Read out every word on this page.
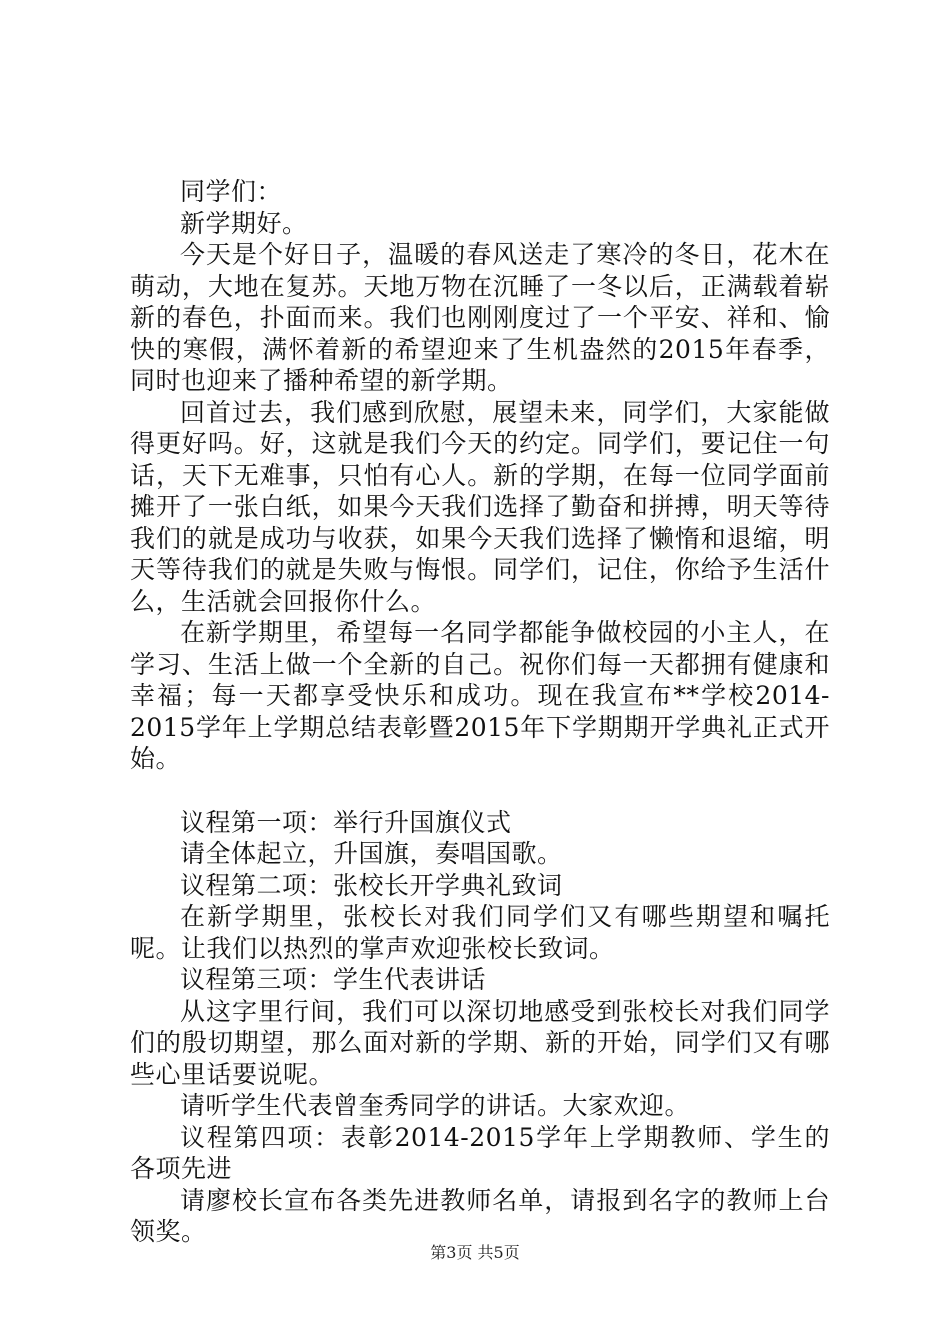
同学们：

新学期好。

今天是个好日子，温暖的春风送走了寒冷的冬日，花木在萌动，大地在复苏。天地万物在沉睡了一冬以后，正满载着崭新的春色，扑面而来。我们也刚刚度过了一个平安、祥和、愉快的寒假，满怀着新的希望迎来了生机盎然的2015年春季，同时也迎来了播种希望的新学期。

回首过去，我们感到欣慰，展望未来，同学们，大家能做得更好吗。好，这就是我们今天的约定。同学们，要记住一句话，天下无难事，只怕有心人。新的学期，在每一位同学面前摊开了一张白纸，如果今天我们选择了勤奋和拼搏，明天等待我们的就是成功与收获，如果今天我们选择了懒惰和退缩，明天等待我们的就是失败与悔恨。同学们，记住，你给予生活什么，生活就会回报你什么。

在新学期里，希望每一名同学都能争做校园的小主人，在学习、生活上做一个全新的自己。祝你们每一天都拥有健康和幸福；每一天都享受快乐和成功。现在我宣布**学校2014-2015学年上学期总结表彰暨2015年下学期期开学典礼正式开始。

议程第一项：举行升国旗仪式

请全体起立，升国旗，奏唱国歌。

议程第二项：张校长开学典礼致词

在新学期里，张校长对我们同学们又有哪些期望和嘱托呢。让我们以热烈的掌声欢迎张校长致词。

议程第三项：学生代表讲话

从这字里行间，我们可以深切地感受到张校长对我们同学们的殷切期望，那么面对新的学期、新的开始，同学们又有哪些心里话要说呢。

请听学生代表曾奎秀同学的讲话。大家欢迎。

议程第四项：表彰2014-2015学年上学期教师、学生的各项先进

请廖校长宣布各类先进教师名单，请报到名字的教师上台领奖。

第3页 共5页
